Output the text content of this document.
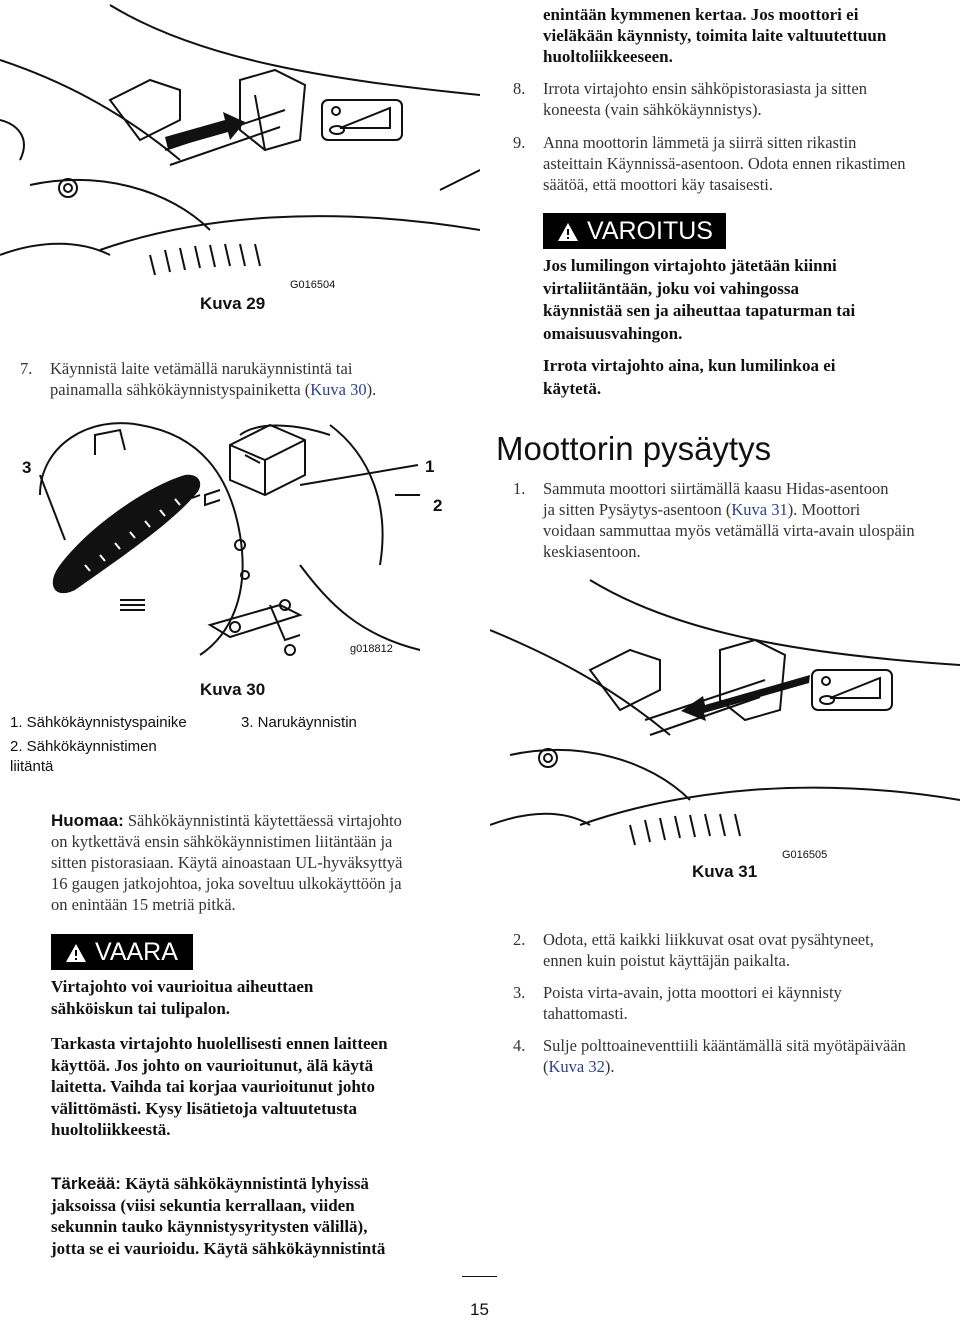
Kuva 29
G016504
7. Käynnistä laite vetämällä narukäynnistintä tai
painamalla sähkökäynnistyspainiketta (Kuva 30).
1
2
3
g018812
Kuva 30
1. Sähkökäynnistyspainike	3. Narukäynnistin
2. Sähkökäynnistimen
liitäntä
Huomaa: Sähkökäynnistintä käytettäessä virtajohto
on kytkettävä ensin sähkökäynnistimen liitäntään ja
sitten pistorasiaan. Käytä ainoastaan UL-hyväksyttyä
16 gaugen jatkojohtoa, joka soveltuu ulkokäyttöön ja
on enintään 15 metriä pitkä.
VAARA
Virtajohto voi vaurioitua aiheuttaen
sähköiskun tai tulipalon.
Tarkasta virtajohto huolellisesti ennen laitteen
käyttöä. Jos johto on vaurioitunut, älä käytä
laitetta. Vaihda tai korjaa vaurioitunut johto
välittömästi. Kysy lisätietoja valtuutetusta
huoltoliikkeestä.
Tärkeää: Käytä sähkökäynnistintä lyhyissä
jaksoissa (viisi sekuntia kerrallaan, viiden
sekunnin tauko käynnistysyritysten välillä),
jotta se ei vaurioidu. Käytä sähkökäynnistintä
enintään kymmenen kertaa. Jos moottori ei
vieläkään käynnisty, toimita laite valtuutettuun
huoltoliikkeeseen.
8. Irrota virtajohto ensin sähköpistorasiasta ja sitten
koneesta (vain sähkökäynnistys).
9. Anna moottorin lämmetä ja siirrä sitten rikastin
asteittain Käynnissä-asentoon. Odota ennen rikastimen
säätöä, että moottori käy tasaisesti.
VAROITUS
Jos lumilingon virtajohto jätetään kiinni
virtaliitäntään, joku voi vahingossa
käynnistää sen ja aiheuttaa tapaturman tai
omaisuusvahingon.
Irrota virtajohto aina, kun lumilinkoa ei
käytetä.
Moottorin pysäytys
1. Sammuta moottori siirtämällä kaasu Hidas-asentoon
ja sitten Pysäytys-asentoon (Kuva 31). Moottori
voidaan sammuttaa myös vetämällä virta-avain ulospäin
keskiasentoon.
G016505
Kuva 31
2. Odota, että kaikki liikkuvat osat ovat pysähtyneet,
ennen kuin poistut käyttäjän paikalta.
3. Poista virta-avain, jotta moottori ei käynnisty
tahattomasti.
4. Sulje polttoaineventtiili kääntämällä sitä myötäpäivään
(Kuva 32).
15
